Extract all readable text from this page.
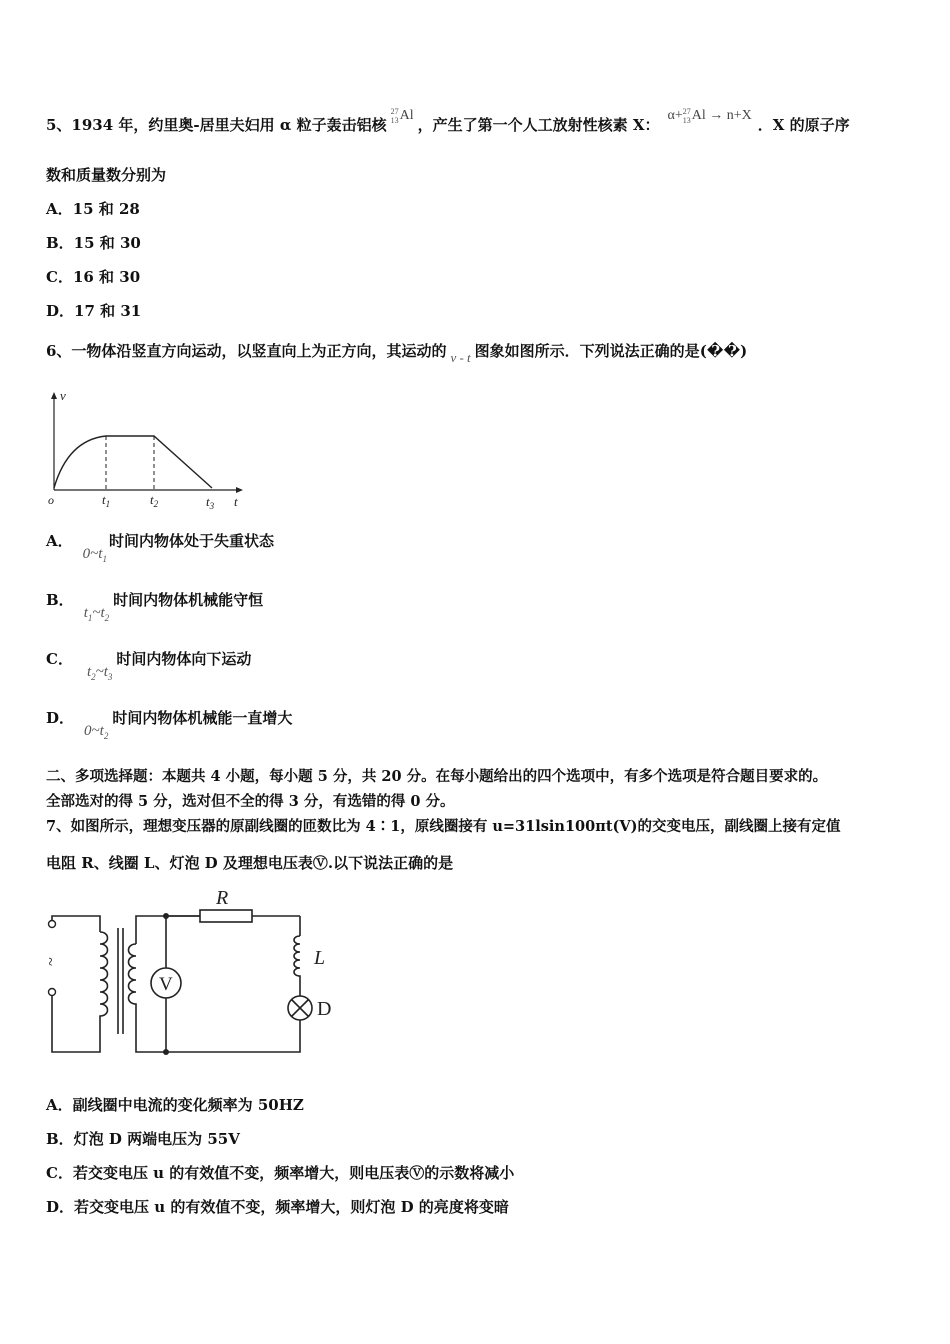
5、1934 年，约里奥-居里夫妇用 α 粒子轰击铝核
27
13 Al，产生了第一个人工放射性核素 X：α+ 27
13 Al → n+X．X 的原子序
数和质量数分别为
A．15 和 28
B．15 和 30
C．16 和 30
D．17 和 31
6、一物体沿竖直方向运动，以竖直向上为正方向，其运动的 v - t 图象如图所示．下列说法正确的是(��)
v
t
o	$t_1$	$t_2$	$t_3$
A．$0\sim t_1$时间内物体处于失重状态
B．$t_1\sim t_2$时间内物体机械能守恒
C．$t_2\sim t_3$时间内物体向下运动
D．$0\sim t_2$时间内物体机械能一直增大
二、多项选择题：本题共 4 小题，每小题 5 分，共 20 分。在每小题给出的四个选项中，有多个选项是符合题目要求的。
全部选对的得 5 分，选对但不全的得 3 分，有选错的得 0 分。
7、如图所示，理想变压器的原副线圈的匝数比为 4∶1，原线圈接有 u=31lsin100πt(V)的交变电压，副线圈上接有定值
电阻 R、线圈 L、灯泡 D 及理想电压表Ⓥ.以下说法正确的是
~
V
R
L
D
A．副线圈中电流的变化频率为 50HZ
B．灯泡 D 两端电压为 55V
C．若交变电压 u 的有效值不变，频率增大，则电压表Ⓥ的示数将减小
D．若交变电压 u 的有效值不变，频率增大，则灯泡 D 的亮度将变暗
